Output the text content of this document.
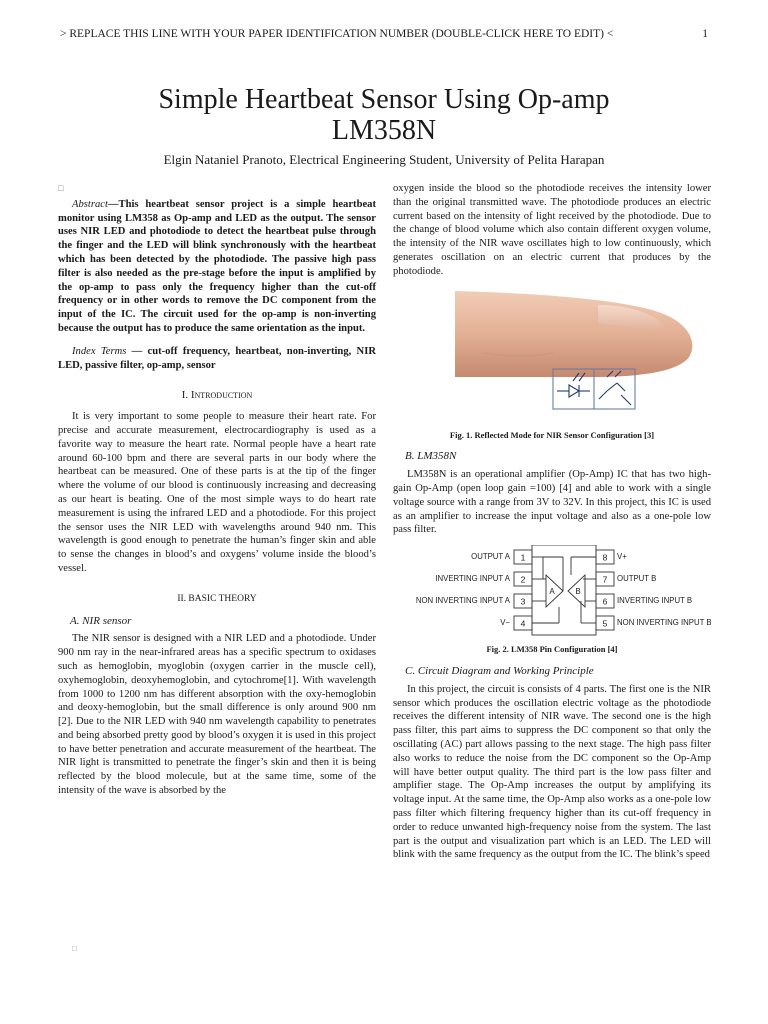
> REPLACE THIS LINE WITH YOUR PAPER IDENTIFICATION NUMBER (DOUBLE-CLICK HERE TO EDIT) <	1
Simple Heartbeat Sensor Using Op-amp
LM358N
Elgin Nataniel Pranoto, Electrical Engineering Student, University of Pelita Harapan
□

Abstract—This heartbeat sensor project is a simple heartbeat monitor using LM358 as Op-amp and LED as the output. The sensor uses NIR LED and photodiode to detect the heartbeat pulse through the finger and the LED will blink synchronously with the heartbeat which has been detected by the photodiode. The passive high pass filter is also needed as the pre-stage before the input is amplified by the op-amp to pass only the frequency higher than the cut-off frequency or in other words to remove the DC component from the input of the IC. The circuit used for the op-amp is non-inverting because the output has to produce the same orientation as the input.

Index Terms — cut-off frequency, heartbeat, non-inverting, NIR LED, passive filter, op-amp, sensor

I. Introduction

It is very important to some people to measure their heart rate. For precise and accurate measurement, electrocardiography is used as a favorite way to measure the heart rate. Normal people have a heart rate around 60-100 bpm and there are several parts in our body where the heartbeat can be measured. One of these parts is at the tip of the finger where the volume of our blood is continuously increasing and decreasing as our heart is beating. One of the most simple ways to do heart rate measurement is using the infrared LED and a photodiode. For this project the sensor uses the NIR LED with wavelengths around 940 nm. This wavelength is good enough to penetrate the human’s finger skin and able to sense the changes in blood’s and oxygens’ volume inside the blood’s vessel.

II. BASIC THEORY
A. NIR sensor

The NIR sensor is designed with a NIR LED and a photodiode. Under 900 nm ray in the near-infrared areas has a specific spectrum to oxidases such as hemoglobin, myoglobin (oxygen carrier in the muscle cell), oxyhemoglobin, deoxyhemoglobin, and cytochrome[1]. With wavelength from 1000 to 1200 nm has different absorption with the oxy-hemoglobin and deoxy-hemoglobin, but the small difference is only around 900 nm [2]. Due to the NIR LED with 940 nm wavelength capability to penetrates and being absorbed pretty good by blood’s oxygen it is used in this project to have better penetration and accurate measurement of the heartbeat. The NIR light is transmitted to penetrate the finger’s skin and then it is being reflected by the blood molecule, but at the same time, some of the intensity of the wave is absorbed by the

oxygen inside the blood so the photodiode receives the intensity lower than the original transmitted wave. The photodiode produces an electric current based on the intensity of light received by the photodiode. Due to the change of blood volume which also contain different oxygen volume, the intensity of the NIR wave oscillates high to low continuously, which generates oscillation on an electric current that produces by the photodiode.

Fig. 1. Reflected Mode for NIR Sensor Configuration [3]
B. LM358N

LM358N is an operational amplifier (Op-Amp) IC that has two high-gain Op-Amp (open loop gain =100) [4] and able to work with a single voltage source with a range from 3V to 32V. In this project, this IC is used as an amplifier to increase the input voltage and also as a one-pole low pass filter.

OUTPUT A
INVERTING INPUT A
NON INVERTING INPUT A
V−
V+
OUTPUT B
INVERTING INPUT B
NON INVERTING INPUT B
1
2
3
4
8
7
6
5
A	B
Fig. 2. LM358 Pin Configuration [4]
C. Circuit Diagram and Working Principle

In this project, the circuit is consists of 4 parts. The first one is the NIR sensor which produces the oscillation electric voltage as the photodiode receives the different intensity of NIR wave. The second one is the high pass filter, this part aims to suppress the DC component so that only the oscillating (AC) part allows passing to the next stage. The high pass filter also works to reduce the noise from the DC component so the Op-Amp will have better output quality. The third part is the low pass filter and amplifier stage. The Op-Amp increases the output by amplifying its voltage input. At the same time, the Op-Amp also works as a one-pole low pass filter which filtering frequency higher than its cut-off frequency in order to reduce unwanted high-frequency noise from the system. The last part is the output and visualization part which is an LED. The LED will blink with the same frequency as the output from the IC. The blink’s speed

□
